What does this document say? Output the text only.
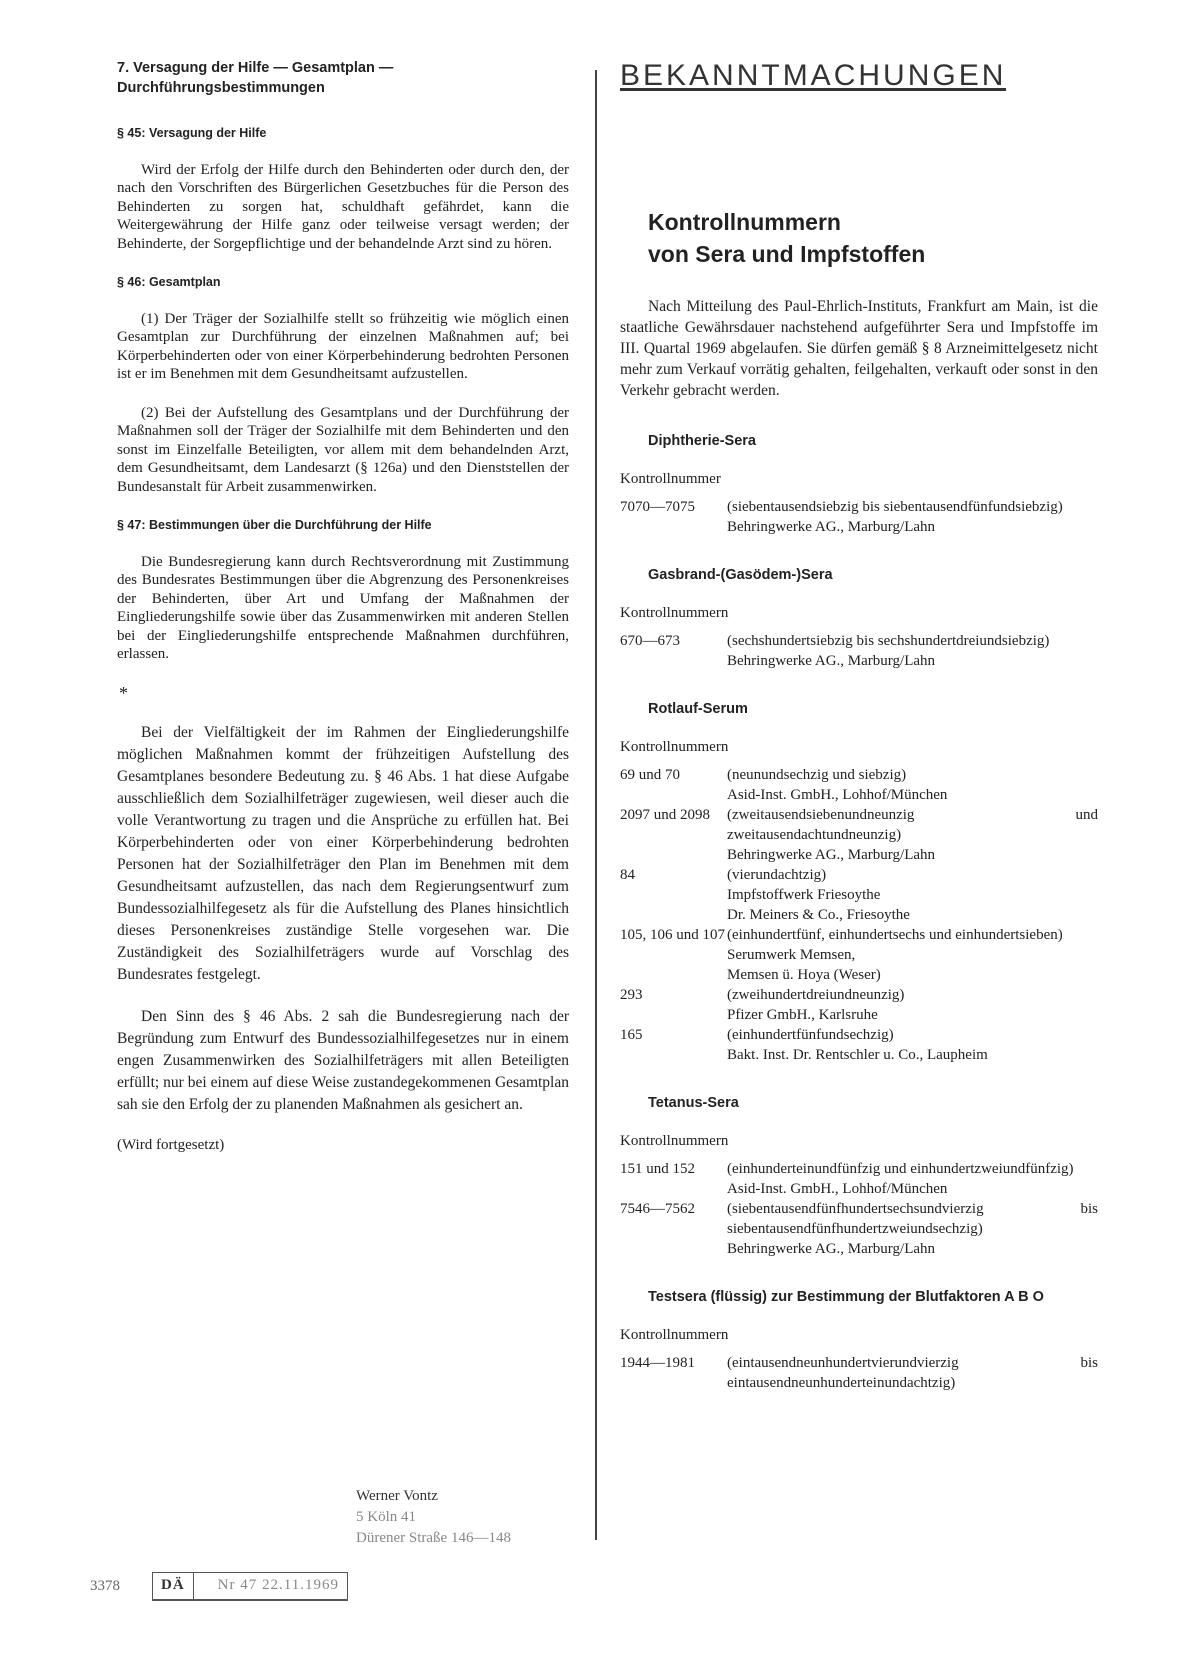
7. Versagung der Hilfe — Gesamtplan —
Durchführungsbestimmungen

§ 45: Versagung der Hilfe

Wird der Erfolg der Hilfe durch den Behinderten oder durch den, der nach den Vorschriften des Bürgerlichen Gesetzbuches für die Person des Behinderten zu sorgen hat, schuldhaft gefährdet, kann die Weitergewährung der Hilfe ganz oder teilweise versagt werden; der Behinderte, der Sorgepflichtige und der behandelnde Arzt sind zu hören.

§ 46: Gesamtplan

(1) Der Träger der Sozialhilfe stellt so frühzeitig wie möglich einen Gesamtplan zur Durchführung der einzelnen Maßnahmen auf; bei Körperbehinderten oder von einer Körperbehinderung bedrohten Personen ist er im Benehmen mit dem Gesundheitsamt aufzustellen.

(2) Bei der Aufstellung des Gesamtplans und der Durchführung der Maßnahmen soll der Träger der Sozialhilfe mit dem Behinderten und den sonst im Einzelfalle Beteiligten, vor allem mit dem behandelnden Arzt, dem Gesundheitsamt, dem Landesarzt (§ 126a) und den Dienststellen der Bundesanstalt für Arbeit zusammenwirken.

§ 47: Bestimmungen über die Durchführung der Hilfe

Die Bundesregierung kann durch Rechtsverordnung mit Zustimmung des Bundesrates Bestimmungen über die Abgrenzung des Personenkreises der Behinderten, über Art und Umfang der Maßnahmen der Eingliederungshilfe sowie über das Zusammenwirken mit anderen Stellen bei der Eingliederungshilfe entsprechende Maßnahmen durchführen, erlassen.

*

Bei der Vielfältigkeit der im Rahmen der Eingliederungshilfe möglichen Maßnahmen kommt der frühzeitigen Aufstellung des Gesamtplanes besondere Bedeutung zu. § 46 Abs. 1 hat diese Aufgabe ausschließlich dem Sozialhilfeträger zugewiesen, weil dieser auch die volle Verantwortung zu tragen und die Ansprüche zu erfüllen hat. Bei Körperbehinderten oder von einer Körperbehinderung bedrohten Personen hat der Sozialhilfeträger den Plan im Benehmen mit dem Gesundheitsamt aufzustellen, das nach dem Regierungsentwurf zum Bundessozialhilfegesetz als für die Aufstellung des Planes hinsichtlich dieses Personenkreises zuständige Stelle vorgesehen war. Die Zuständigkeit des Sozialhilfeträgers wurde auf Vorschlag des Bundesrates festgelegt.

Den Sinn des § 46 Abs. 2 sah die Bundesregierung nach der Begründung zum Entwurf des Bundessozialhilfegesetzes nur in einem engen Zusammenwirken des Sozialhilfeträgers mit allen Beteiligten erfüllt; nur bei einem auf diese Weise zustandegekommenen Gesamtplan sah sie den Erfolg der zu planenden Maßnahmen als gesichert an.

(Wird fortgesetzt)

Werner Vontz
5 Köln 41
Dürener Straße 146—148
3378	DÄ Nr 47 22.11.1969
BEKANNTMACHUNGEN
Kontrollnummern
von Sera und Impfstoffen

Nach Mitteilung des Paul-Ehrlich-Instituts, Frankfurt am Main, ist die staatliche Gewährsdauer nachstehend aufgeführter Sera und Impfstoffe im III. Quartal 1969 abgelaufen. Sie dürfen gemäß § 8 Arzneimittelgesetz nicht mehr zum Verkauf vorrätig gehalten, feilgehalten, verkauft oder sonst in den Verkehr gebracht werden.

Diphtherie-Sera
Kontrollnummer
7070—7075	(siebentausendsiebzig bis siebentausendfünfundsiebzig)
Behringwerke AG., Marburg/Lahn
Gasbrand-(Gasödem-)Sera
Kontrollnummern
670—673	(sechshundertsiebzig bis sechshundertdreiundsiebzig)
Behringwerke AG., Marburg/Lahn
Rotlauf-Serum
Kontrollnummern
69 und 70	(neunundsechzig und siebzig)
Asid-Inst. GmbH., Lohhof/München
2097 und 2098	(zweitausendsiebenundneunzig und zweitausendachtundneunzig)
Behringwerke AG., Marburg/Lahn
84	(vierundachtzig)
Impfstoffwerk Friesoythe
Dr. Meiners & Co., Friesoythe
105, 106 und 107 (einhundertfünf, einhundertsechs und einhundertsieben)
Serumwerk Memsen,
Memsen ü. Hoya (Weser)
293	(zweihundertdreiundneunzig)
Pfizer GmbH., Karlsruhe
165	(einhundertfünfundsechzig)
Bakt. Inst. Dr. Rentschler u. Co., Laupheim
Tetanus-Sera
Kontrollnummern
151 und 152	(einhunderteinundfünfzig und einhundertzweiundfünfzig)
Asid-Inst. GmbH., Lohhof/München
7546—7562	(siebentausendfünfhundertsechsundvierzig bis siebentausendfünfhundertzweiundsechzig)
Behringwerke AG., Marburg/Lahn
Testsera (flüssig) zur Bestimmung der Blutfaktoren A B O
Kontrollnummern
1944—1981	(eintausendneunhundertvierundvierzig bis eintausendneunhunderteinundachtzig)
